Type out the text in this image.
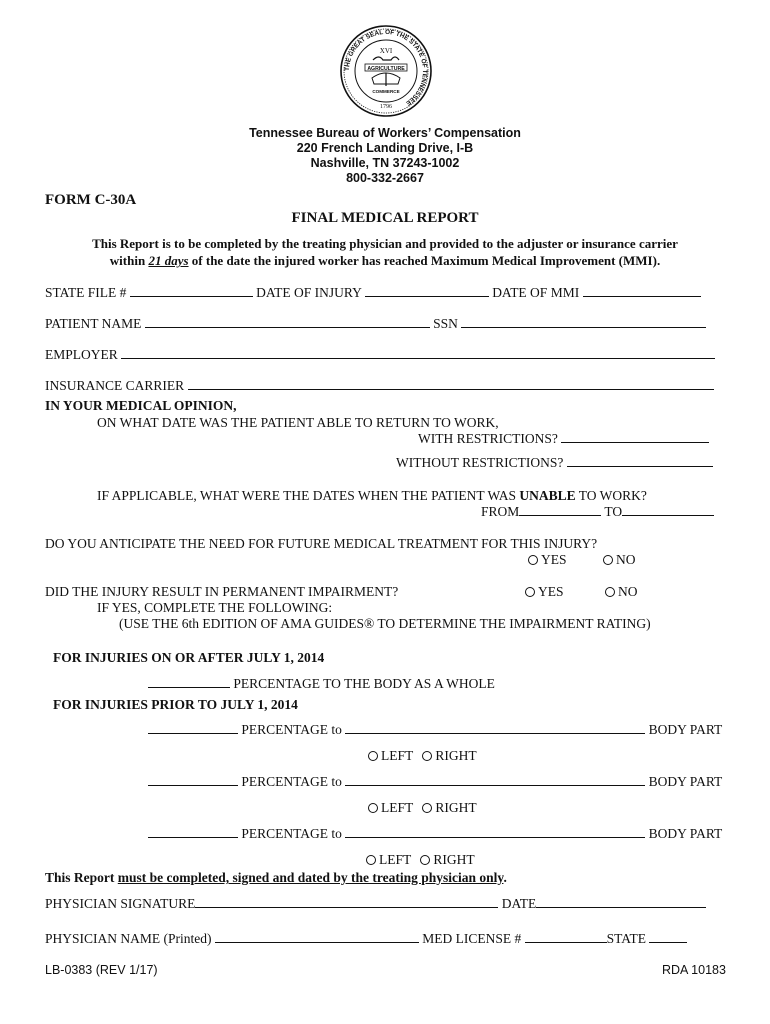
THE GREAT SEAL OF THE STATE OF TENNESSEE
XVI
AGRICULTURE
COMMERCE
1796
Tennessee Bureau of Workers’ Compensation
220 French Landing Drive, I-B
Nashville, TN 37243-1002
800-332-2667
FORM C-30A
FINAL MEDICAL REPORT
This Report is to be completed by the treating physician and provided to the adjuster or insurance carrier
within 21 days of the date the injured worker has reached Maximum Medical Improvement (MMI).
STATE FILE #	DATE OF INJURY	DATE OF MMI
PATIENT NAME	SSN
EMPLOYER
INSURANCE CARRIER
IN YOUR MEDICAL OPINION,
ON WHAT DATE WAS THE PATIENT ABLE TO RETURN TO WORK,
WITH RESTRICTIONS?
WITHOUT RESTRICTIONS?
IF APPLICABLE, WHAT WERE THE DATES WHEN THE PATIENT WAS UNABLE TO WORK?
FROM	TO
DO YOU ANTICIPATE THE NEED FOR FUTURE MEDICAL TREATMENT FOR THIS INJURY?
YES	NO
DID THE INJURY RESULT IN PERMANENT IMPAIRMENT?	YES	NO
IF YES, COMPLETE THE FOLLOWING:
(USE THE 6th EDITION OF AMA GUIDES® TO DETERMINE THE IMPAIRMENT RATING)
FOR INJURIES ON OR AFTER JULY 1, 2014
PERCENTAGE TO THE BODY AS A WHOLE
FOR INJURIES PRIOR TO JULY 1, 2014
PERCENTAGE to	BODY PART
LEFT RIGHT
PERCENTAGE to	BODY PART
LEFT RIGHT
PERCENTAGE to	BODY PART
LEFT RIGHT
This Report must be completed, signed and dated by the treating physician only.
PHYSICIAN SIGNATURE	DATE
PHYSICIAN NAME (Printed)	MED LICENSE #	STATE
LB-0383 (REV 1/17)	RDA 10183
